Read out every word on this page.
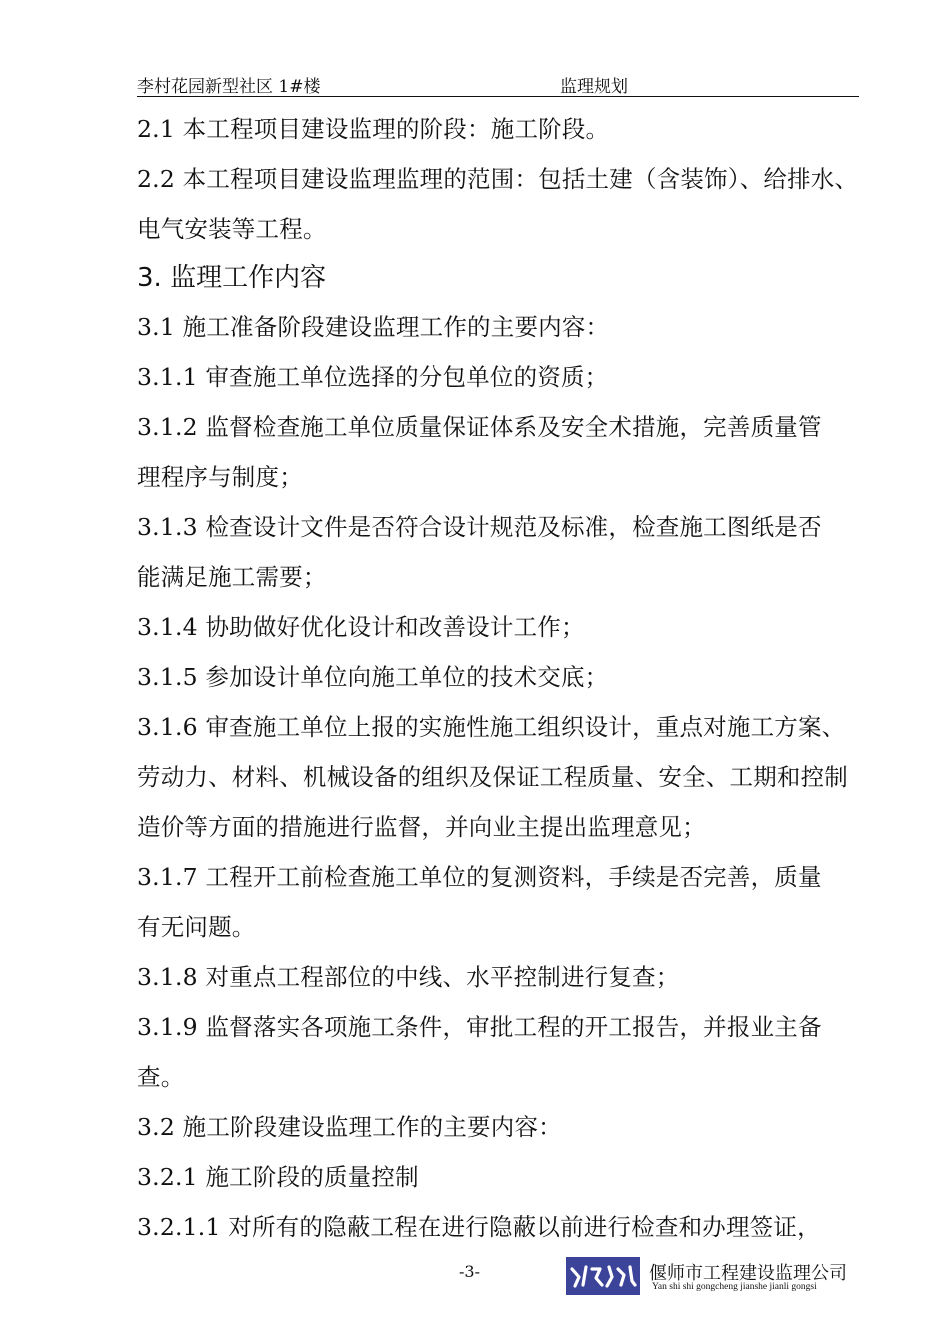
李村花园新型社区 1#楼	监理规划
2.1 本工程项目建设监理的阶段：施工阶段。
2.2 本工程项目建设监理监理的范围：包括土建（含装饰）、给排水、
电气安装等工程。
3. 监理工作内容
3.1 施工准备阶段建设监理工作的主要内容：
3.1.1 审查施工单位选择的分包单位的资质；
3.1.2 监督检查施工单位质量保证体系及安全术措施，完善质量管
理程序与制度；
3.1.3 检查设计文件是否符合设计规范及标准，检查施工图纸是否
能满足施工需要；
3.1.4 协助做好优化设计和改善设计工作；
3.1.5 参加设计单位向施工单位的技术交底；
3.1.6 审查施工单位上报的实施性施工组织设计，重点对施工方案、
劳动力、材料、机械设备的组织及保证工程质量、安全、工期和控制
造价等方面的措施进行监督，并向业主提出监理意见；
3.1.7 工程开工前检查施工单位的复测资料，手续是否完善，质量
有无问题。
3.1.8 对重点工程部位的中线、水平控制进行复查；
3.1.9 监督落实各项施工条件，审批工程的开工报告，并报业主备
查。
3.2 施工阶段建设监理工作的主要内容：
3.2.1 施工阶段的质量控制
3.2.1.1 对所有的隐蔽工程在进行隐蔽以前进行检查和办理签证，
-3-	偃师市工程建设监理公司
Yan shi shi gongcheng jianshe jianli gongsi
